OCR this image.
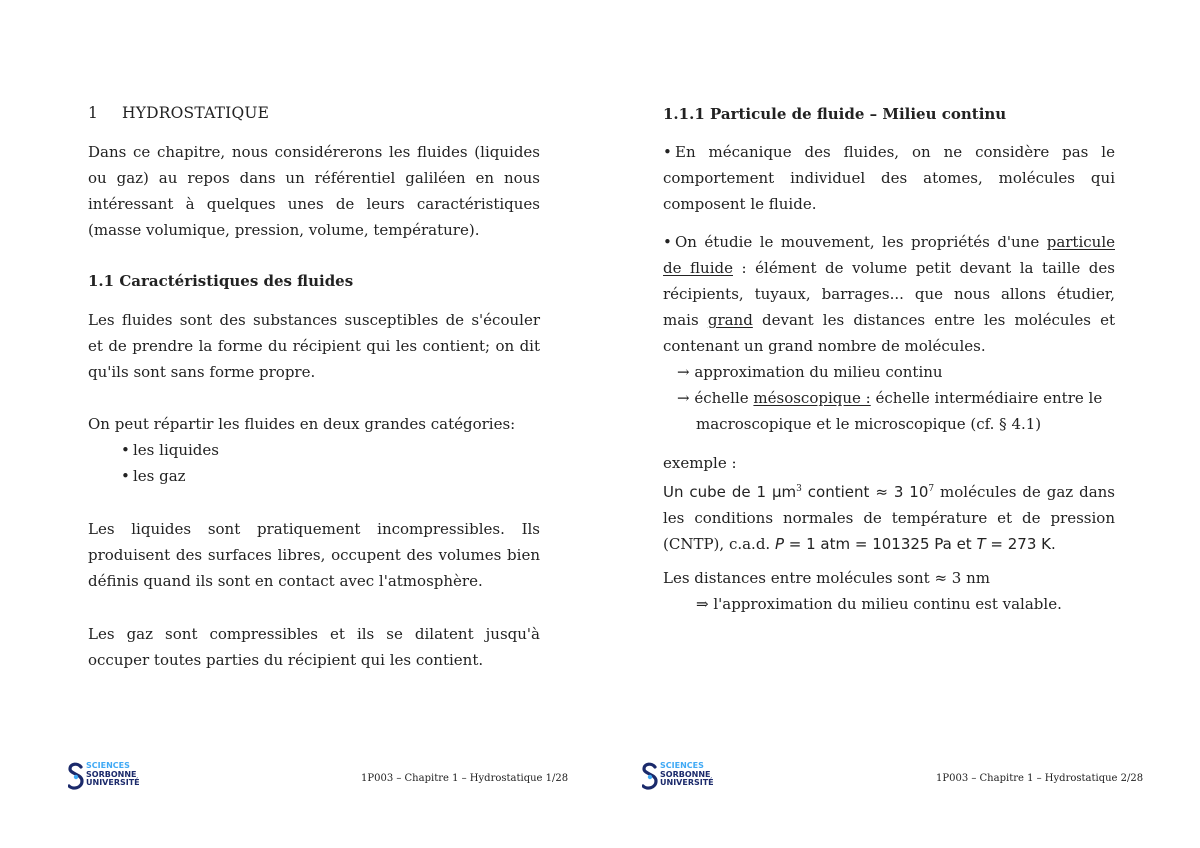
1 HYDROSTATIQUE

Dans ce chapitre, nous considérerons les fluides (liquides ou gaz) au repos dans un référentiel galiléen en nous intéressant à quelques unes de leurs caractéristiques (masse volumique, pression, volume, température).

1.1 Caractéristiques des fluides

Les fluides sont des substances susceptibles de s'écouler et de prendre la forme du récipient qui les contient; on dit qu'ils sont sans forme propre.

On peut répartir les fluides en deux grandes catégories:

• les liquides

• les gaz

Les liquides sont pratiquement incompressibles. Ils produisent des surfaces libres, occupent des volumes bien définis quand ils sont en contact avec l'atmosphère.

Les gaz sont compressibles et ils se dilatent jusqu'à occuper toutes parties du récipient qui les contient.

SCIENCES
SORBONNE
UNIVERSITÉ	1P003 – Chapitre 1 – Hydrostatique 1/28
1.1.1 Particule de fluide – Milieu continu

• En mécanique des fluides, on ne considère pas le comportement individuel des atomes, molécules qui composent le fluide.

• On étudie le mouvement, les propriétés d'une particule de fluide : élément de volume petit devant la taille des récipients, tuyaux, barrages... que nous allons étudier, mais grand devant les distances entre les molécules et contenant un grand nombre de molécules.

→ approximation du milieu continu

→ échelle mésoscopique : échelle intermédiaire entre le

macroscopique et le microscopique (cf. § 4.1)

exemple :

Un cube de 1 $\mu m^3$ contient ≈ 3 $10^7$ molécules de gaz dans les conditions normales de température et de pression (CNTP), c.a.d. P = 1 atm = 101325 Pa et T = 273 K.

Les distances entre molécules sont ≈ 3 nm

⇒ l'approximation du milieu continu est valable.

SCIENCES
SORBONNE
UNIVERSITÉ	1P003 – Chapitre 1 – Hydrostatique 2/28
